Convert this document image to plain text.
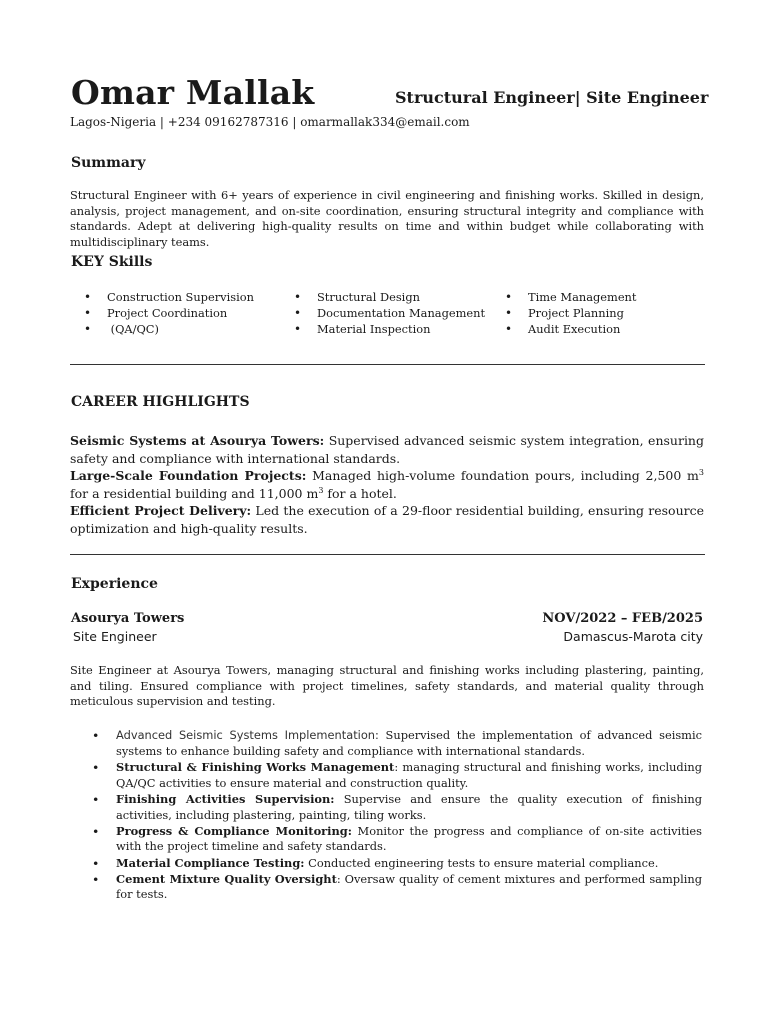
Omar Mallak	Structural Engineer| Site Engineer
Lagos-Nigeria | +234 09162787316 | omarmallak334@email.com
Summary
Structural Engineer with 6+ years of experience in civil engineering and finishing works. Skilled in design, analysis, project management, and on-site coordination, ensuring structural integrity and compliance with standards. Adept at delivering high-quality results on time and within budget while collaborating with multidisciplinary teams.
KEY Skills
• Construction Supervision
• Project Coordination
•  (QA/QC)
• Structural Design
• Documentation Management
• Material Inspection
• Time Management
• Project Planning
• Audit Execution
CAREER HIGHLIGHTS

Seismic Systems at Asourya Towers: Supervised advanced seismic system integration, ensuring safety and compliance with international standards.

Large-Scale Foundation Projects: Managed high-volume foundation pours, including 2,500 $m^3$ for a residential building and 11,000 $m^3$ for a hotel.

Efficient Project Delivery: Led the execution of a 29-floor residential building, ensuring resource optimization and high-quality results.

Experience
Asourya Towers	NOV/2022 – FEB/2025
Site Engineer	Damascus-Marota city
Site Engineer at Asourya Towers, managing structural and finishing works including plastering, painting, and tiling. Ensured compliance with project timelines, safety standards, and material quality through meticulous supervision and testing.
• Advanced Seismic Systems Implementation: Supervised the implementation of advanced seismic systems to enhance building safety and compliance with international standards.
• Structural & Finishing Works Management: managing structural and finishing works, including QA/QC activities to ensure material and construction quality.
• Finishing Activities Supervision: Supervise and ensure the quality execution of finishing activities, including plastering, painting, tiling works.
• Progress & Compliance Monitoring: Monitor the progress and compliance of on-site activities with the project timeline and safety standards.
• Material Compliance Testing: Conducted engineering tests to ensure material compliance.
• Cement Mixture Quality Oversight: Oversaw quality of cement mixtures and performed sampling for tests.
